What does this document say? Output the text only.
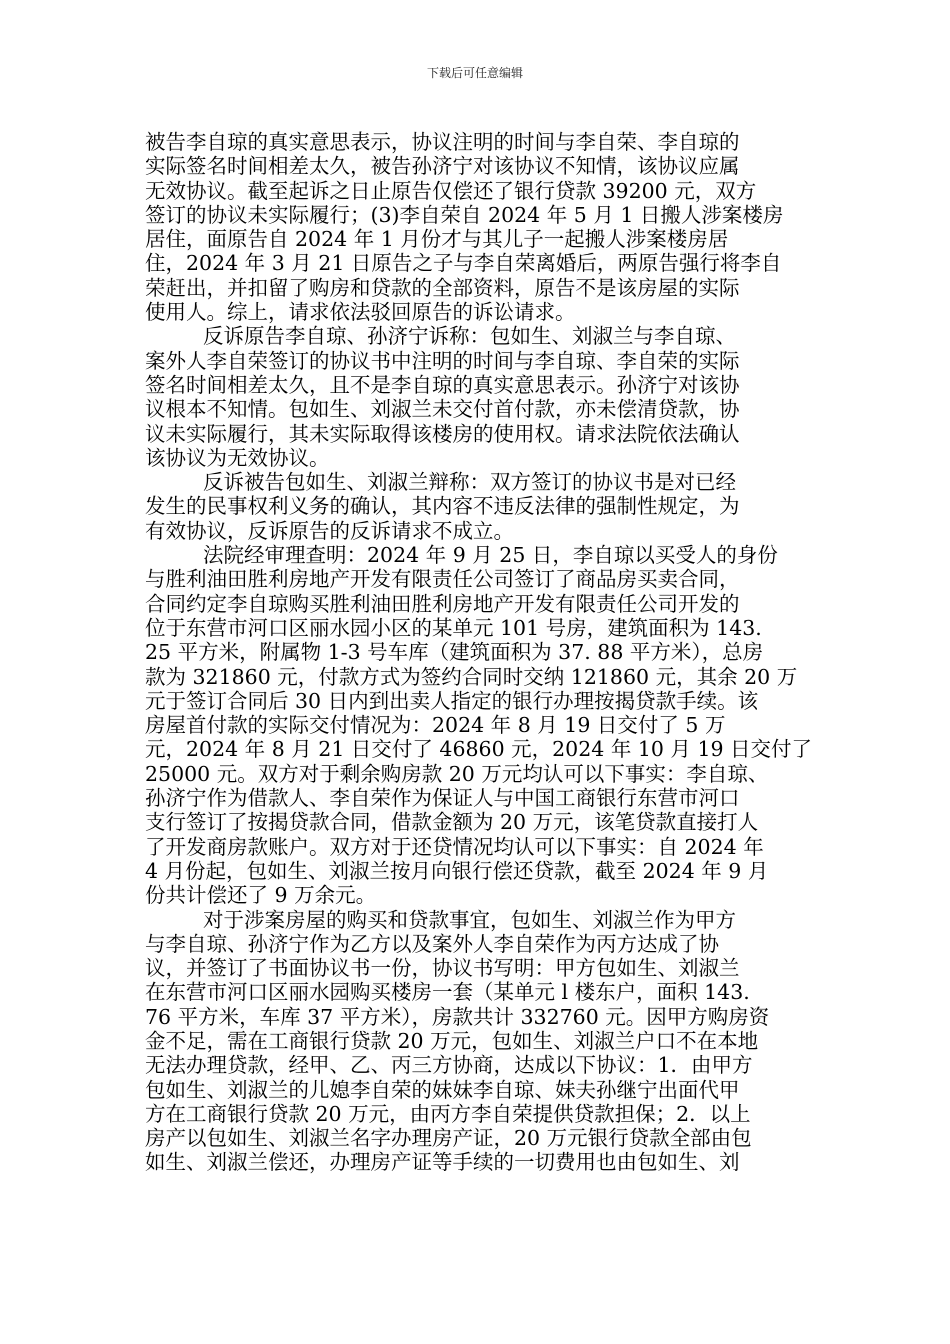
下载后可任意编辑
被告李自琼的真实意思表示，协议注明的时间与李自荣、李自琼的
实际签名时间相差太久，被告孙济宁对该协议不知情，该协议应属
无效协议。截至起诉之日止原告仅偿还了银行贷款 39200 元，双方
签订的协议未实际履行；(3)李自荣自 2024 年 5 月 1 日搬人涉案楼房
居住，面原告自 2024 年 1 月份才与其儿子一起搬人涉案楼房居
住，2024 年 3 月 21 日原告之子与李自荣离婚后，两原告强行将李自
荣赶出，并扣留了购房和贷款的全部资料，原告不是该房屋的实际
使用人。综上，请求依法驳回原告的诉讼请求。
反诉原告李自琼、孙济宁诉称：包如生、刘淑兰与李自琼、
案外人李自荣签订的协议书中注明的时间与李自琼、李自荣的实际
签名时间相差太久，且不是李自琼的真实意思表示。孙济宁对该协
议根本不知情。包如生、刘淑兰未交付首付款，亦未偿清贷款，协
议未实际履行，其未实际取得该楼房的使用权。请求法院依法确认
该协议为无效协议。
反诉被告包如生、刘淑兰辩称：双方签订的协议书是对已经
发生的民事权利义务的确认，其内容不违反法律的强制性规定，为
有效协议，反诉原告的反诉请求不成立。
法院经审理查明：2024 年 9 月 25 日，李自琼以买受人的身份
与胜利油田胜利房地产开发有限责任公司签订了商品房买卖合同，
合同约定李自琼购买胜利油田胜利房地产开发有限责任公司开发的
位于东营市河口区丽水园小区的某单元 101 号房，建筑面积为 143.
25 平方米，附属物 1-3 号车库（建筑面积为 37. 88 平方米），总房
款为 321860 元，付款方式为签约合同时交纳 121860 元，其余 20 万
元于签订合同后 30 日内到出卖人指定的银行办理按揭贷款手续。该
房屋首付款的实际交付情况为：2024 年 8 月 19 日交付了 5 万
元，2024 年 8 月 21 日交付了 46860 元，2024 年 10 月 19 日交付了
25000 元。双方对于剩余购房款 20 万元均认可以下事实：李自琼、
孙济宁作为借款人、李自荣作为保证人与中国工商银行东营市河口
支行签订了按揭贷款合同，借款金额为 20 万元，该笔贷款直接打人
了开发商房款账户。双方对于还贷情况均认可以下事实：自 2024 年
4 月份起，包如生、刘淑兰按月向银行偿还贷款，截至 2024 年 9 月
份共计偿还了 9 万余元。
对于涉案房屋的购买和贷款事宜，包如生、刘淑兰作为甲方
与李自琼、孙济宁作为乙方以及案外人李自荣作为丙方达成了协
议，并签订了书面协议书一份，协议书写明：甲方包如生、刘淑兰
在东营市河口区丽水园购买楼房一套（某单元 l 楼东户，面积 143.
76 平方米，车库 37 平方米），房款共计 332760 元。因甲方购房资
金不足，需在工商银行贷款 20 万元，包如生、刘淑兰户口不在本地
无法办理贷款，经甲、乙、丙三方协商，达成以下协议：1．由甲方
包如生、刘淑兰的儿媳李自荣的妹妹李自琼、妹夫孙继宁出面代甲
方在工商银行贷款 20 万元，由丙方李自荣提供贷款担保；2．以上
房产以包如生、刘淑兰名字办理房产证，20 万元银行贷款全部由包
如生、刘淑兰偿还，办理房产证等手续的一切费用也由包如生、刘
